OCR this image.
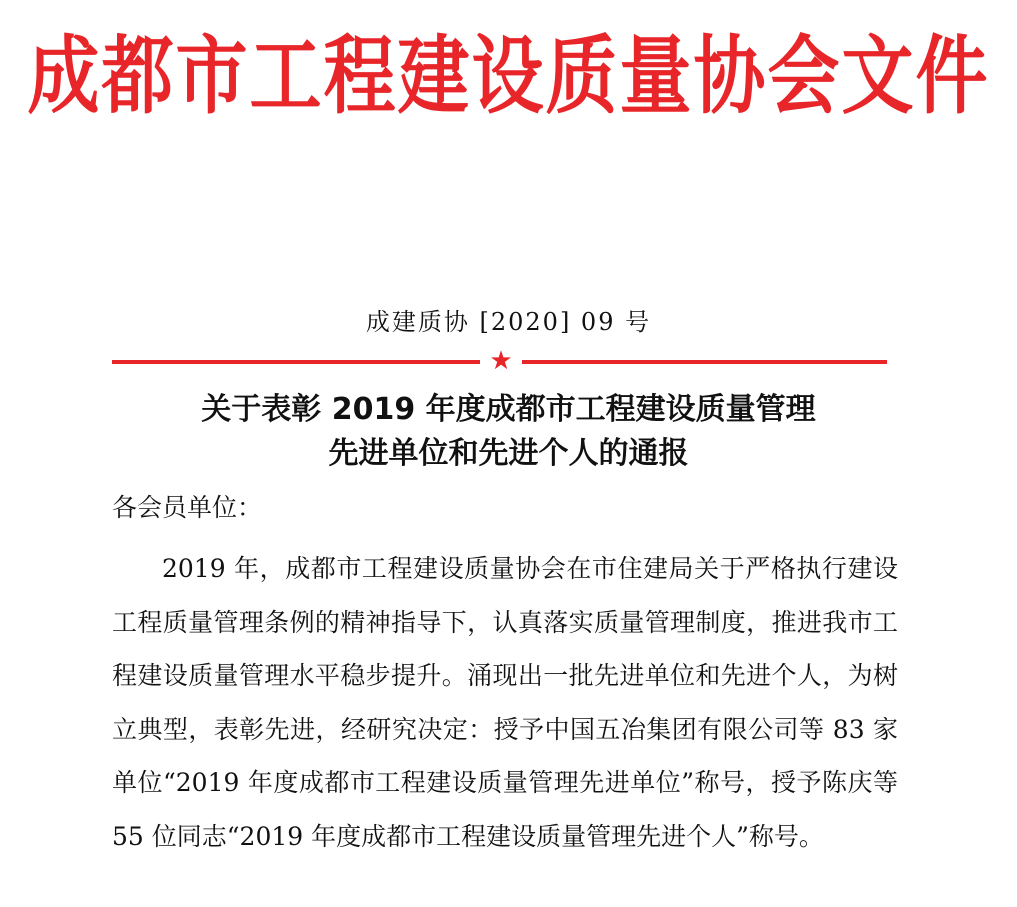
成都市工程建设质量协会文件
成建质协 [2020] 09 号
★
关于表彰 2019 年度成都市工程建设质量管理
先进单位和先进个人的通报
各会员单位：

2019 年，成都市工程建设质量协会在市住建局关于严格执行建设工程质量管理条例的精神指导下，认真落实质量管理制度，推进我市工程建设质量管理水平稳步提升。涌现出一批先进单位和先进个人，为树立典型，表彰先进，经研究决定：授予中国五冶集团有限公司等 83 家单位“2019 年度成都市工程建设质量管理先进单位”称号，授予陈庆等 55 位同志“2019 年度成都市工程建设质量管理先进个人”称号。
